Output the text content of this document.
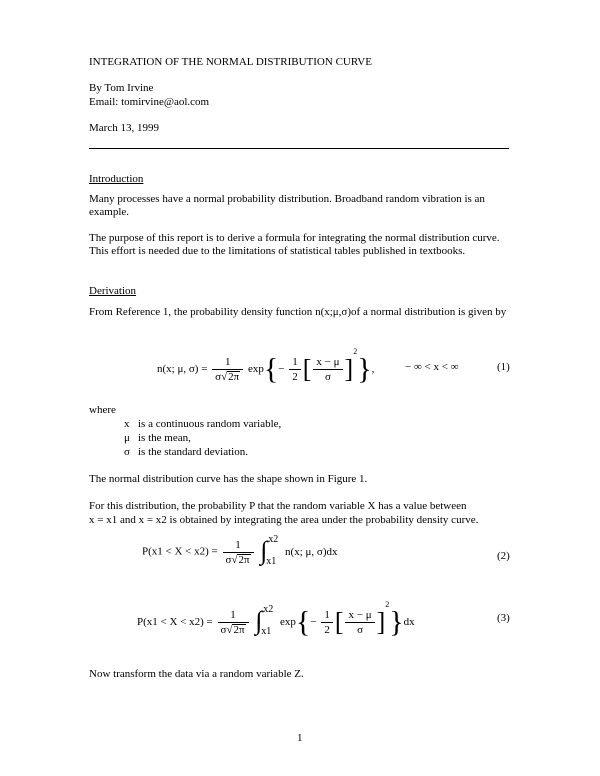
INTEGRATION OF THE NORMAL DISTRIBUTION CURVE
By Tom Irvine
Email: tomirvine@aol.com
March 13, 1999
Introduction
Many processes have a normal probability distribution. Broadband random vibration is an example.
The purpose of this report is to derive a formula for integrating the normal distribution curve. This effort is needed due to the limitations of statistical tables published in textbooks.
Derivation
From Reference 1, the probability density function n(x;μ,σ)of a normal distribution is given by
n(x; μ, $\sigma) = \frac{1}{\sigma√2\pi} \exp\{- \frac{1}{2}$ [ $\frac{x - \mu}{\sigma} ]^2$},	− ∞ < x < ∞	(1)
where
x is a continuous random variable,
μ is the mean,
σ is the standard deviation.
The normal distribution curve has the shape shown in Figure 1.
For this distribution, the probability P that the random variable X has a value between
x = x1 and x = x2 is obtained by integrating the area under the probability density curve.
$P(x1 < X < x2) = \frac{1}{\sigma√2\pi}$
∫ x2
x1
n(x; μ, σ)dx	(2)
$P(x1 < X < x2) = \frac{1}{\sigma√2\pi}$
∫ x2
x1
$\exp\{- \frac{1}{2}$ [ $\frac{x - \mu}{\sigma} ]^2\}dx$	(3)
Now transform the data via a random variable Z.
1
